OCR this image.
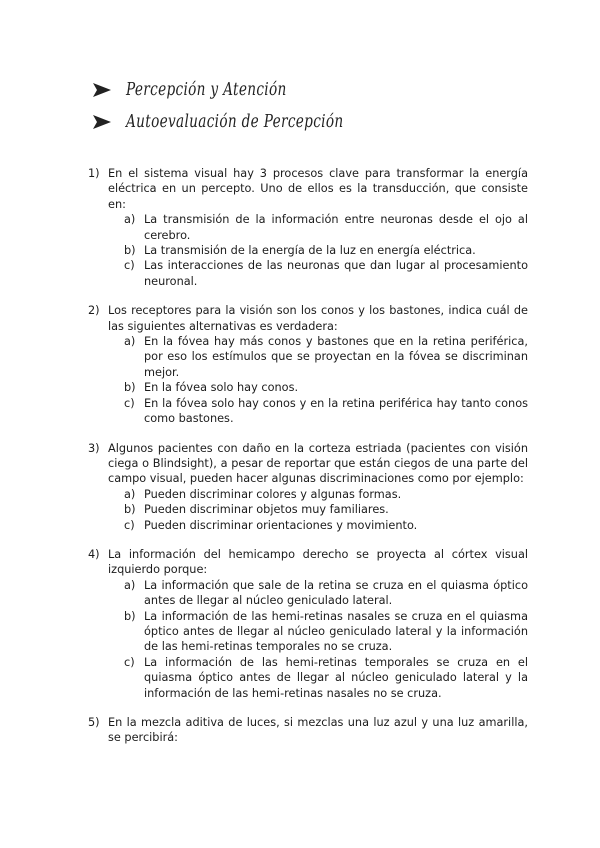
Percepción y Atención
Autoevaluación de Percepción
1) En el sistema visual hay 3 procesos clave para transformar la energía eléctrica en un percepto. Uno de ellos es la transducción, que consiste en:
a) La transmisión de la información entre neuronas desde el ojo al cerebro.
b) La transmisión de la energía de la luz en energía eléctrica.
c) Las interacciones de las neuronas que dan lugar al procesamiento neuronal.
2) Los receptores para la visión son los conos y los bastones, indica cuál de las siguientes alternativas es verdadera:
a) En la fóvea hay más conos y bastones que en la retina periférica, por eso los estímulos que se proyectan en la fóvea se discriminan mejor.
b) En la fóvea solo hay conos.
c) En la fóvea solo hay conos y en la retina periférica hay tanto conos como bastones.
3) Algunos pacientes con daño en la corteza estriada (pacientes con visión ciega o Blindsight), a pesar de reportar que están ciegos de una parte del campo visual, pueden hacer algunas discriminaciones como por ejemplo:
a) Pueden discriminar colores y algunas formas.
b) Pueden discriminar objetos muy familiares.
c) Pueden discriminar orientaciones y movimiento.
4) La información del hemicampo derecho se proyecta al córtex visual izquierdo porque:
a) La información que sale de la retina se cruza en el quiasma óptico antes de llegar al núcleo geniculado lateral.
b) La información de las hemi-retinas nasales se cruza en el quiasma óptico antes de llegar al núcleo geniculado lateral y la información de las hemi-retinas temporales no se cruza.
c) La información de las hemi-retinas temporales se cruza en el quiasma óptico antes de llegar al núcleo geniculado lateral y la información de las hemi-retinas nasales no se cruza.
5) En la mezcla aditiva de luces, si mezclas una luz azul y una luz amarilla, se percibirá:
